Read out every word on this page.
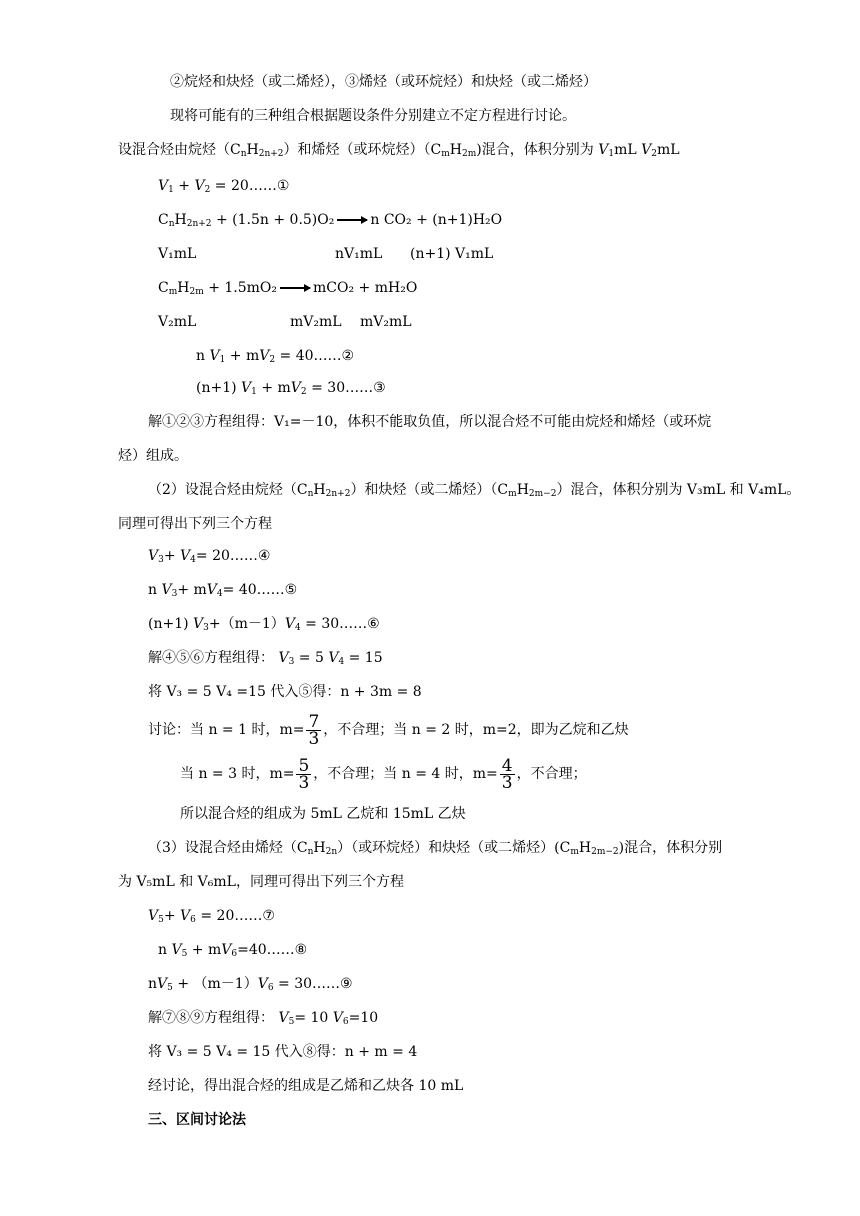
②烷烃和炔烃（或二烯烃），③烯烃（或环烷烃）和炔烃（或二烯烃）
现将可能有的三种组合根据题设条件分别建立不定方程进行讨论。
设混合烃由烷烃$(C_nH_{2n+2})$和烯烃（或环烷烃）$(C_mH_{2m})$混合，体积分别为 $V_1mL$ $V_2mL$
$V_1 + V_2$ = 20……①
$C_nH_{2n+2} + (1.5n + 0.5)O_2 \to n$ CO₂ + (n+1)H₂O
V₁mL	nV₁mL (n+1) V₁mL
$C_mH_{2m} + 1.5mO_2 \to mCO_2 + mH_2O$
V₂mL	mV₂mL mV₂mL
n $V_1 + mV_2$ = 40……②
(n+1) $V_1 + mV_2$ = 30……③
解①②③方程组得：V₁=－10，体积不能取负值，所以混合烃不可能由烷烃和烯烃（或环烷
烃）组成。
（2）设混合烃由烷烃$(C_nH_{2n+2})$和炔烃（或二烯烃）$(C_mH_{2m-2})$混合，体积分别为 V₃mL 和 V₄mL。
同理可得出下列三个方程
$V_3+ V_4=$ 20……④
n $V_3+ mV_4=$ 40……⑤
(n+1) $V_3+(m-1)V_4$ = 30……⑥
解④⑤⑥方程组得： $V_3 = 5$ $V_4 = 15$
将 V₃ = 5 V₄ =15 代入⑤得：n + 3m = 8
讨论：当 n = 1 时，$m= \frac{7}{3}$ ，不合理；当 n = 2 时，m=2，即为乙烷和乙炔
当 n = 3 时，$m= \frac{5}{3}$ ，不合理；当 n = 4 时，$m= \frac{4}{3}$ ，不合理；
所以混合烃的组成为 5mL 乙烷和 15mL 乙炔
（3）设混合烃由烯烃$(C_nH_{2n})$（或环烷烃）和炔烃（或二烯烃）$(C_mH_{2m-2})$混合，体积分别
为 V₅mL 和 V₆mL，同理可得出下列三个方程
$V_5+ V_6$ = 20……⑦
n $V_5$ + $mV_6=40\dots\dots ⑧$
$nV_5 + (m-1)V_6$ = 30……⑨
解⑦⑧⑨方程组得： $V_5= 10$ $V_6=10$
将 V₃ = 5 V₄ = 15 代入⑧得：n + m = 4
经讨论，得出混合烃的组成是乙烯和乙炔各 10 mL
三、区间讨论法
